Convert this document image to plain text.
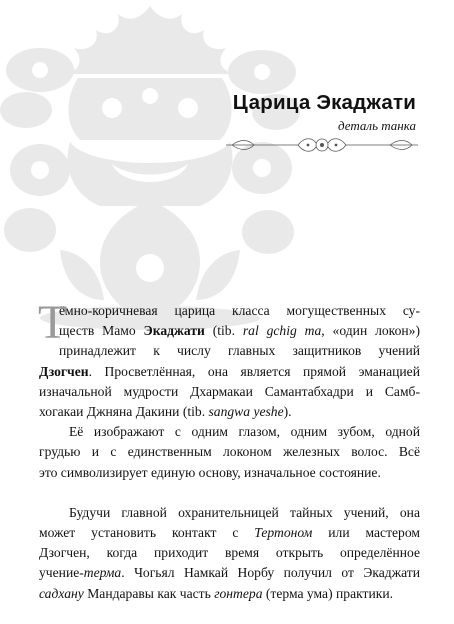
Царица Экаджати
деталь танка
Т

ёмно-коричневая царица класса могущественных су-

ществ Мамо Экаджати (tib. ral gchig ma, «один локон»)

принадлежит к числу главных защитников учений

Дзогчен. Просветлённая, она является прямой эманацией

изначальной мудрости Дхармакаи Самантабхадри и Самб-

хогакаи Джняна Дакини (tib. sangwa yeshe).

Её изображают с одним глазом, одним зубом, одной

грудью и с единственным локоном железных волос. Всё

это символизирует единую основу, изначальное состояние.

Будучи главной охранительницей тайных учений, она

может установить контакт с Тертоном или мастером

Дзогчен, когда приходит время открыть определённое

учение-терма. Чогьял Намкай Норбу получил от Экаджати

садхану Мандаравы как часть гонтера (терма ума) практики.
